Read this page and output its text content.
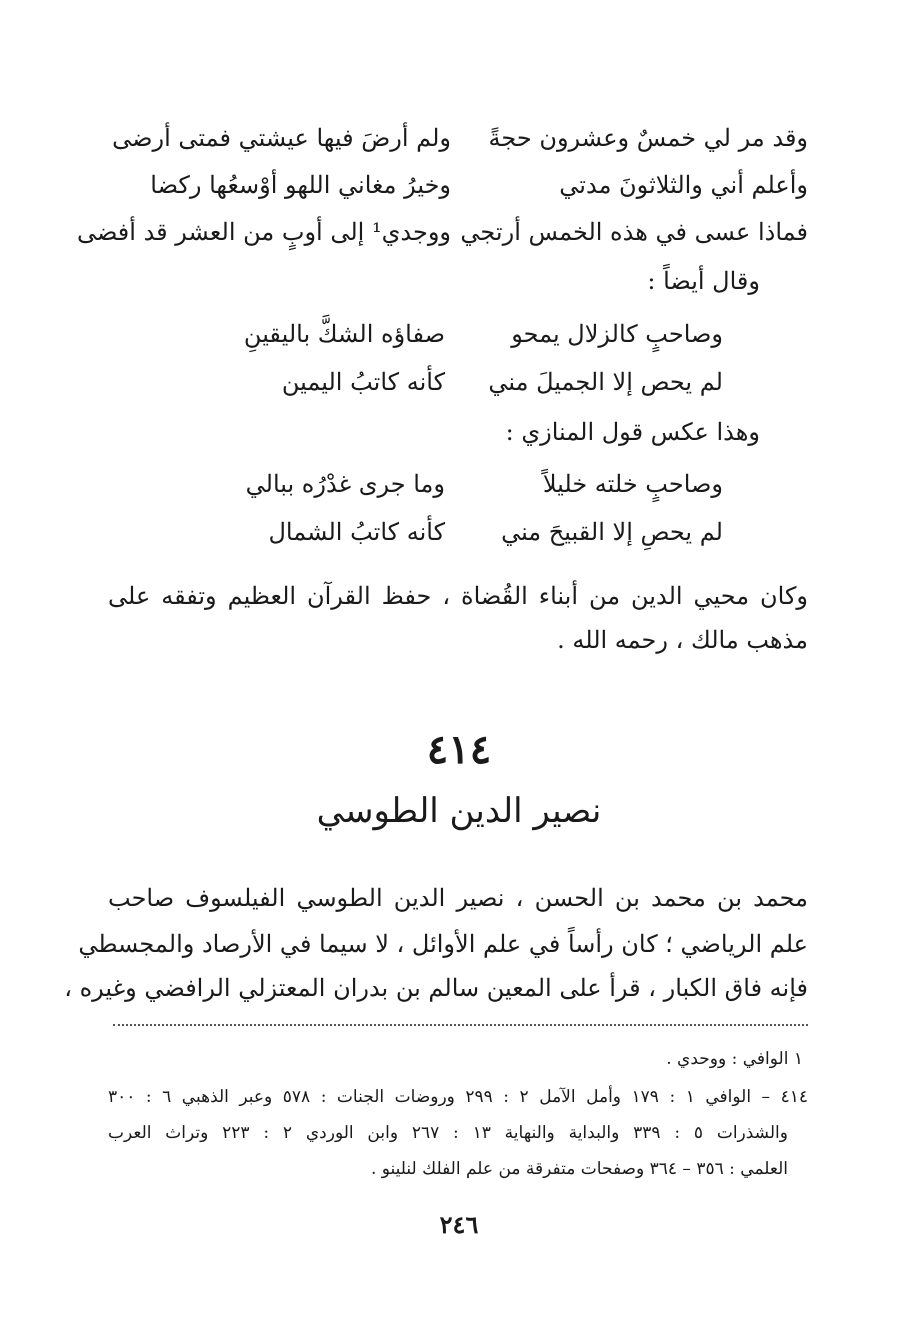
وقد مر لي خمسٌ وعشرون حجةً
ولم أرضَ فيها عيشتي فمتى أرضى
وأعلم أني والثلاثونَ مدتي
وخيرُ مغاني اللهو أوْسعُها ركضا
فماذا عسى في هذه الخمس أرتجي
ووجدي¹ إلى أوبٍ من العشر قد أفضى
وقال أيضاً :
وصاحبٍ كالزلال يمحو
صفاؤه الشكَّ باليقينِ
لم يحص إلا الجميلَ مني
كأنه كاتبُ اليمين
وهذا عكس قول المنازي :
وصاحبٍ خلته خليلاً
وما جرى غدْرُه ببالي
لم يحصِ إلا القبيحَ مني
كأنه كاتبُ الشمال
وكان محيي الدين من أبناء القُضاة ، حفظ القرآن العظيم وتفقه على
مذهب مالك ، رحمه الله .
٤١٤
نصير الدين الطوسي
محمد بن محمد بن الحسن ، نصير الدين الطوسي الفيلسوف صاحب
علم الرياضي ؛ كان رأساً في علم الأوائل ، لا سيما في الأرصاد والمجسطي
فإنه فاق الكبار ، قرأ على المعين سالم بن بدران المعتزلي الرافضي وغيره ،
١ الوافي : ووحدي .
٤١٤ – الوافي ١ : ١٧٩ وأمل الآمل ٢ : ٢٩٩ وروضات الجنات : ٥٧٨ وعبر الذهبي ٦ : ٣٠٠
والشذرات ٥ : ٣٣٩ والبداية والنهاية ١٣ : ٢٦٧ وابن الوردي ٢ : ٢٢٣ وتراث العرب
العلمي : ٣٥٦ – ٣٦٤ وصفحات متفرقة من علم الفلك لنلينو .
٢٤٦
